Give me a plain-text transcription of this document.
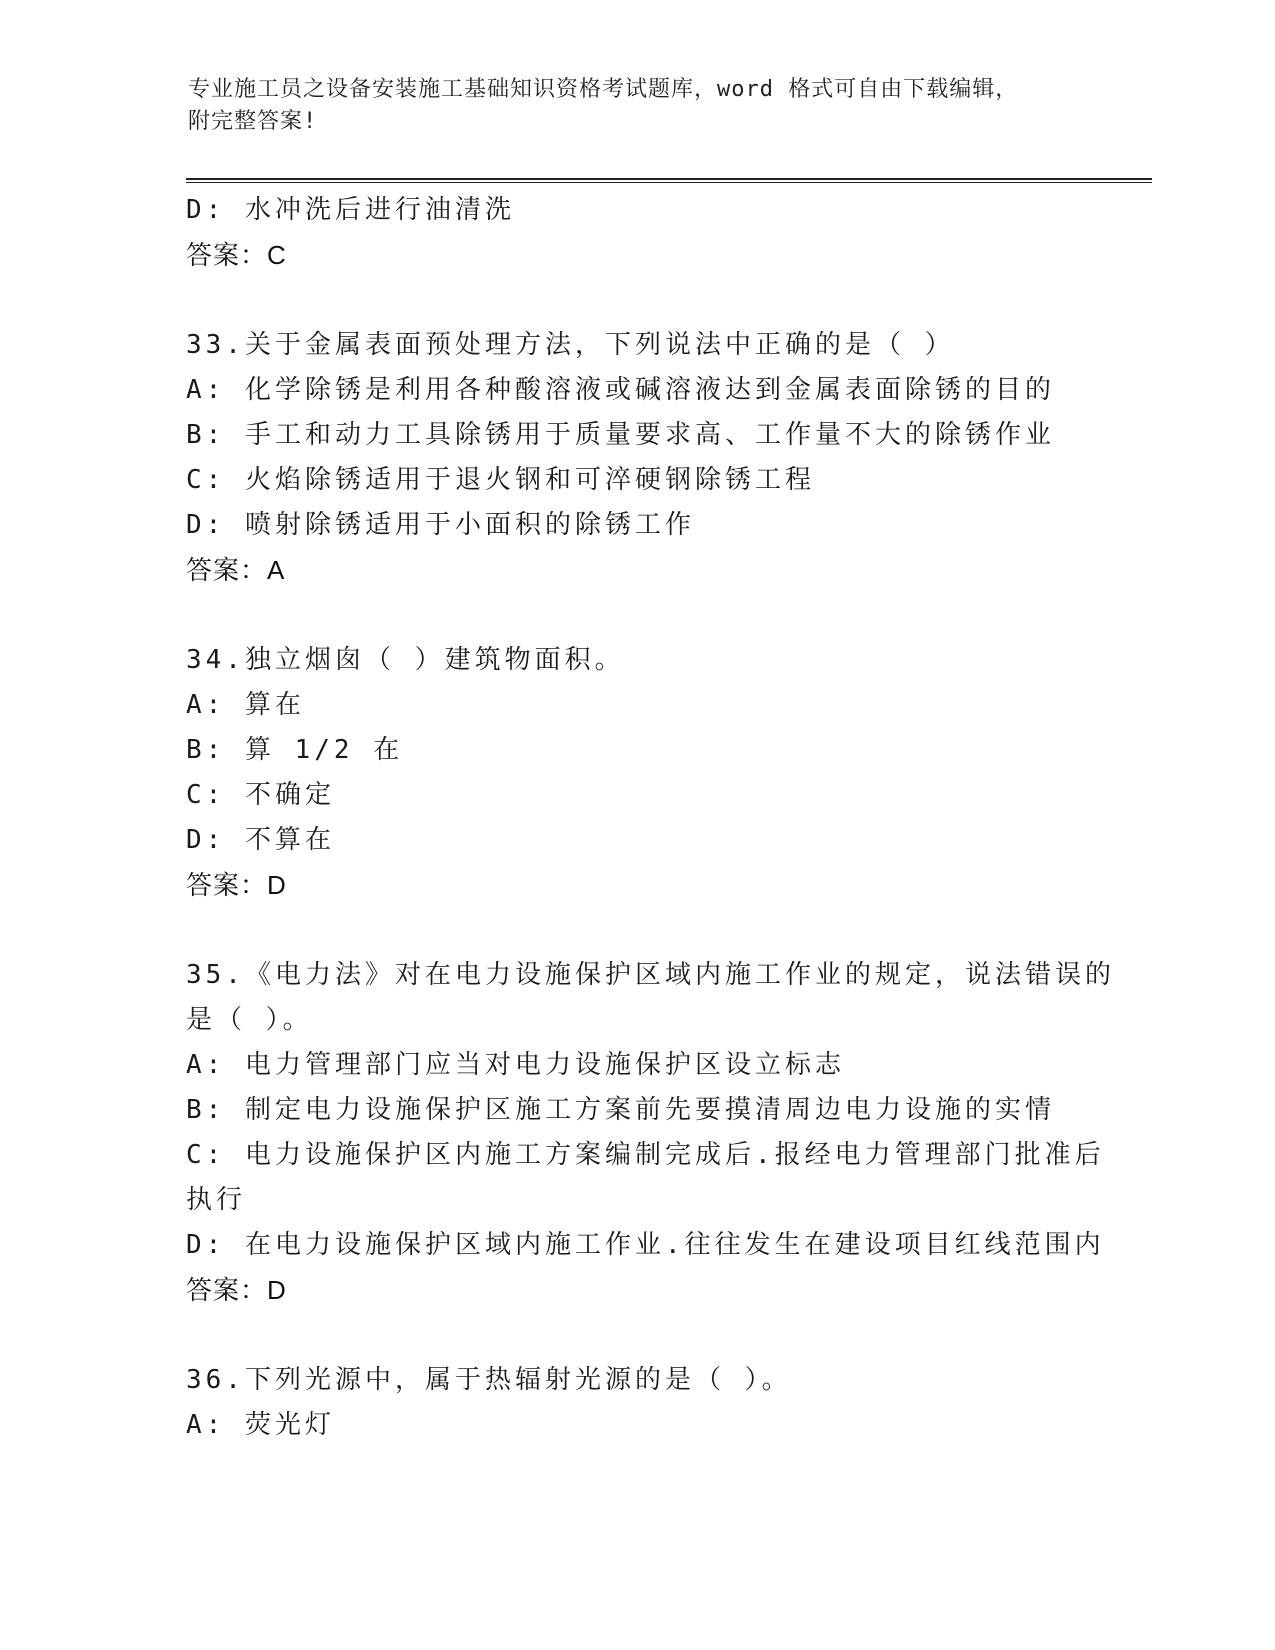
专业施工员之设备安装施工基础知识资格考试题库，word 格式可自由下载编辑，
附完整答案!
D: 水冲洗后进行油清洗
答案：C
33.关于金属表面预处理方法，下列说法中正确的是（ ）
A: 化学除锈是利用各种酸溶液或碱溶液达到金属表面除锈的目的
B: 手工和动力工具除锈用于质量要求高、工作量不大的除锈作业
C: 火焰除锈适用于退火钢和可淬硬钢除锈工程
D: 喷射除锈适用于小面积的除锈工作
答案：A
34.独立烟囱（ ）建筑物面积。
A: 算在
B: 算 1/2 在
C: 不确定
D: 不算在
答案：D
35.《电力法》对在电力设施保护区域内施工作业的规定，说法错误的
是（ ）。
A: 电力管理部门应当对电力设施保护区设立标志
B: 制定电力设施保护区施工方案前先要摸清周边电力设施的实情
C: 电力设施保护区内施工方案编制完成后.报经电力管理部门批准后
执行
D: 在电力设施保护区域内施工作业.往往发生在建设项目红线范围内
答案：D
36.下列光源中，属于热辐射光源的是（ ）。
A: 荧光灯
